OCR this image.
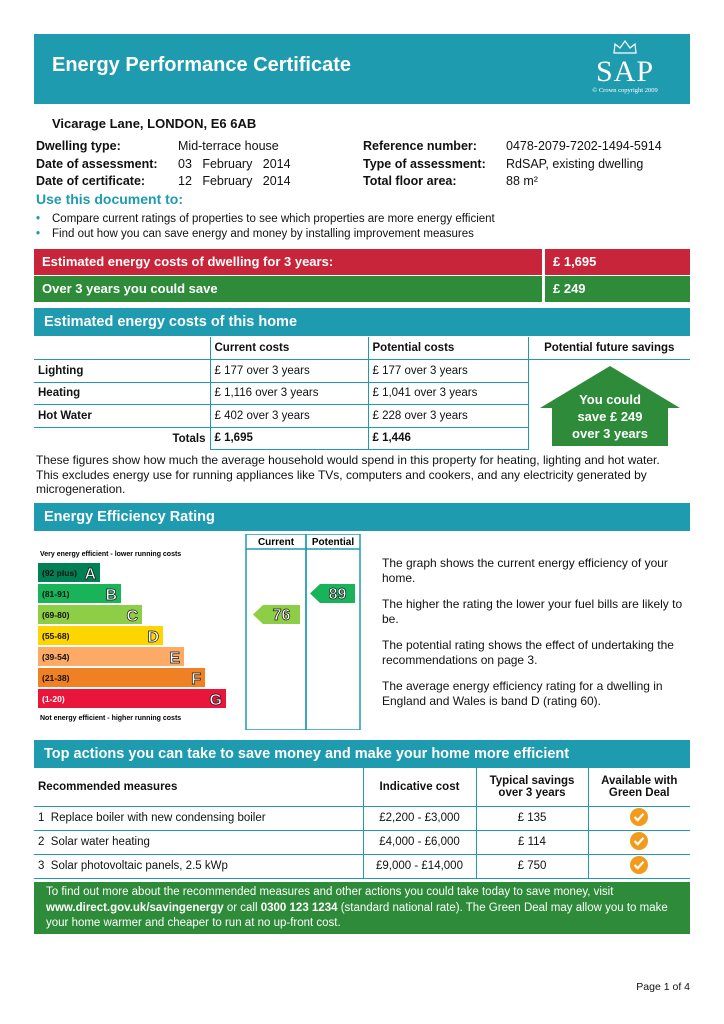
Energy Performance Certificate	SAP
© Crown copyright 2009
Vicarage Lane, LONDON, E6 6AB
Dwelling type:	Mid-terrace house
Date of assessment:	03   February   2014
Date of certificate:	12   February   2014
Reference number:	0478-2079-7202-1494-5914
Type of assessment:	RdSAP, existing dwelling
Total floor area:	88 m²
Use this document to:
•	Compare current ratings of properties to see which properties are more energy efficient
•	Find out how you can save energy and money by installing improvement measures
Estimated energy costs of dwelling for 3 years:	£ 1,695
Over 3 years you could save	£ 249
Estimated energy costs of this home
	Current costs	Potential costs	Potential future savings
Lighting	£ 177 over 3 years	£ 177 over 3 years	
Heating	£ 1,116 over 3 years	£ 1,041 over 3 years	
Hot Water	£ 402 over 3 years	£ 228 over 3 years	
Totals	£ 1,695	£ 1,446	
You could
save £ 249
over 3 years
These figures show how much the average household would spend in this property for heating, lighting and hot water. This excludes energy use for running appliances like TVs, computers and cookers, and any electricity generated by microgeneration.
Energy Efficiency Rating
Current Potential
Very energy efficient - lower running costs
Not energy efficient - higher running costs
(92 plus) A
(81-91) B
(69-80)	C
(55-68)	D
(39-54)	E
(21-38)	F
(1-20)	G
76
89

The graph shows the current energy efficiency of your home.

The higher the rating the lower your fuel bills are likely to be.

The potential rating shows the effect of undertaking the recommendations on page 3.

The average energy efficiency rating for a dwelling in England and Wales is band D (rating 60).

Top actions you can take to save money and make your home more efficient
Recommended measures	Indicative cost	Typical savings
over 3 years	Available with
Green Deal
1 Replace boiler with new condensing boiler	£2,200 - £3,000	£ 135	
2 Solar water heating	£4,000 - £6,000	£ 114	
3 Solar photovoltaic panels, 2.5 kWp	£9,000 - £14,000	£ 750	
To find out more about the recommended measures and other actions you could take today to save money, visit
www.direct.gov.uk/savingenergy or call 0300 123 1234 (standard national rate). The Green Deal may allow you to make your home warmer and cheaper to run at no up-front cost.
Page 1 of 4
